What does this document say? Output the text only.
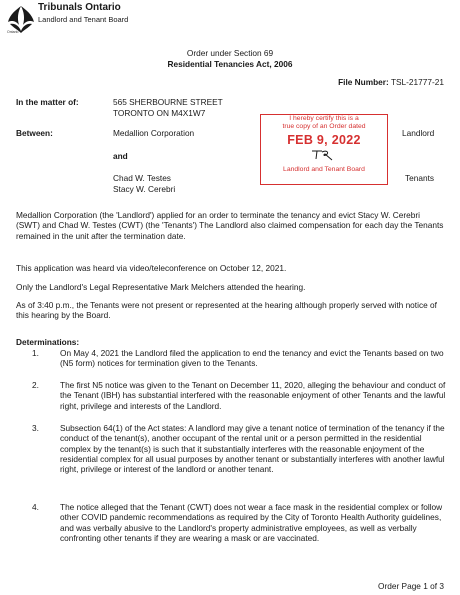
Ontario
Tribunals Ontario
Landlord and Tenant Board
Order under Section 69
Residential Tenancies Act, 2006
File Number: TSL-21777-21
In the matter of:	565 SHERBOURNE STREET
TORONTO ON M4X1W7
Between:	Medallion Corporation	Landlord
and
Chad W. Testes
Stacy W. Cerebri
Tenants
I hereby certify this is a
true copy of an Order dated
FEB 9, 2022
Landlord and Tenant Board
Medallion Corporation (the 'Landlord') applied for an order to terminate the tenancy and evict Stacy W. Cerebri (SWT) and Chad W. Testes (CWT) (the 'Tenants') The Landlord also claimed compensation for each day the Tenants remained in the unit after the termination date.
This application was heard via video/teleconference on October 12, 2021.
Only the Landlord's Legal Representative Mark Melchers attended the hearing.
As of 3:40 p.m., the Tenants were not present or represented at the hearing although properly served with notice of this hearing by the Board.
Determinations:
1.	On May 4, 2021 the Landlord filed the application to end the tenancy and evict the Tenants based on two (N5 form) notices for termination given to the Tenants.
2.	The first N5 notice was given to the Tenant on December 11, 2020, alleging the behaviour and conduct of the Tenant (IBH) has substantial interfered with the reasonable enjoyment of other Tenants and the lawful right, privilege and interests of the Landlord.
3.	Subsection 64(1) of the Act states: A landlord may give a tenant notice of termination of the tenancy if the conduct of the tenant(s), another occupant of the rental unit or a person permitted in the residential complex by the tenant(s) is such that it substantially interferes with the reasonable enjoyment of the residential complex for all usual purposes by another tenant or substantially interferes with another lawful right, privilege or interest of the landlord or another tenant.
4.	The notice alleged that the Tenant (CWT) does not wear a face mask in the residential complex or follow other COVID pandemic recommendations as required by the City of Toronto Health Authority guidelines, and was verbally abusive to the Landlord's property administrative employees, as well as verbally confronting other tenants if they are wearing a mask or are vaccinated.
Order Page 1 of 3
